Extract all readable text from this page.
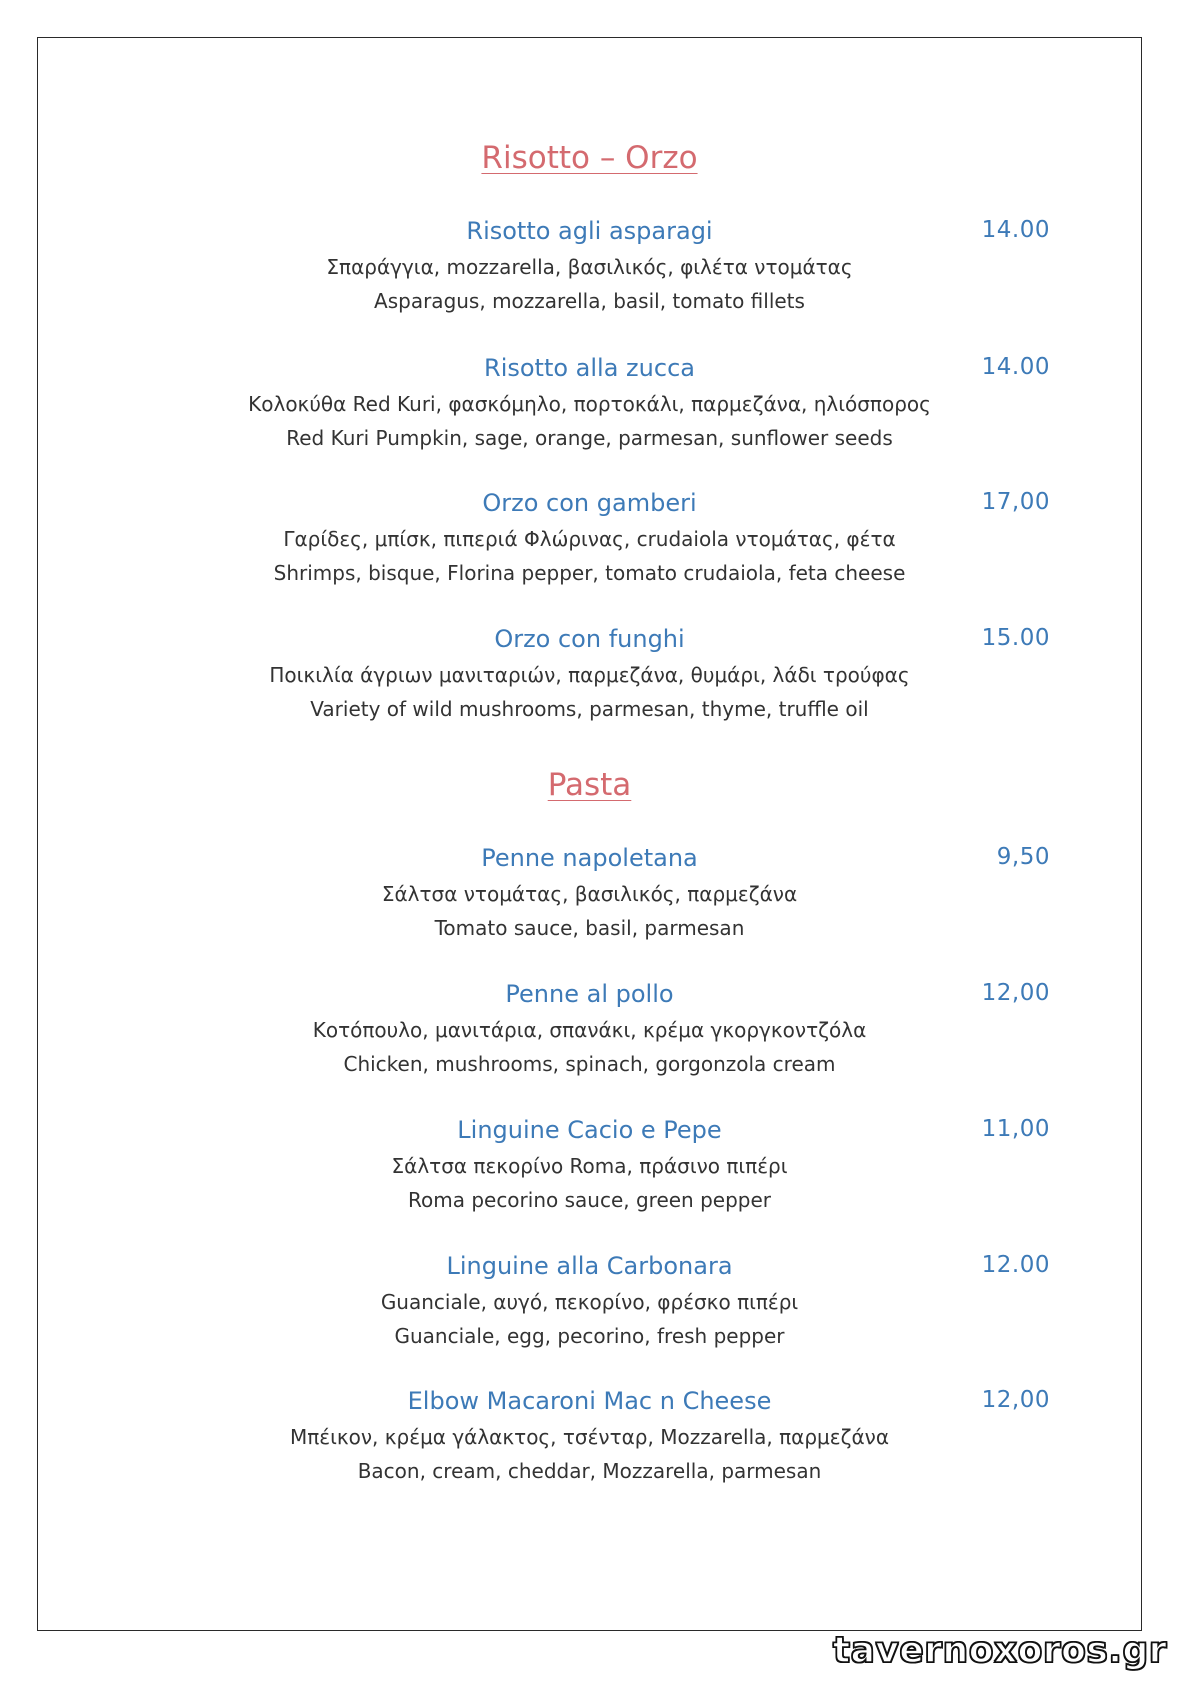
Risotto – Orzo
Risotto agli asparagi	14.00
Σπαράγγια, mozzarella, βασιλικός, φιλέτα ντομάτας
Asparagus, mozzarella, basil, tomato fillets
Risotto alla zucca	14.00
Κολοκύθα Red Kuri, φασκόμηλο, πορτοκάλι, παρμεζάνα, ηλιόσπορος
Red Kuri Pumpkin, sage, orange, parmesan, sunflower seeds
Orzo con gamberi	17,00
Γαρίδες, μπίσκ, πιπεριά Φλώρινας, crudaiola ντομάτας, φέτα
Shrimps, bisque, Florina pepper, tomato crudaiola, feta cheese
Orzo con funghi	15.00
Ποικιλία άγριων μανιταριών, παρμεζάνα, θυμάρι, λάδι τρούφας
Variety of wild mushrooms, parmesan, thyme, truffle oil
Pasta
Penne napoletana	9,50
Σάλτσα ντομάτας, βασιλικός, παρμεζάνα
Tomato sauce, basil, parmesan
Penne al pollo	12,00
Κοτόπουλο, μανιτάρια, σπανάκι, κρέμα γκοργκοντζόλα
Chicken, mushrooms, spinach, gorgonzola cream
Linguine Cacio e Pepe	11,00
Σάλτσα πεκορίνο Roma, πράσινο πιπέρι
Roma pecorino sauce, green pepper
Linguine alla Carbonara	12.00
Guanciale, αυγό, πεκορίνο, φρέσκο πιπέρι
Guanciale, egg, pecorino, fresh pepper
Elbow Macaroni Mac n Cheese	12,00
Μπέικον, κρέμα γάλακτος, τσένταρ, Mozzarella, παρμεζάνα
Bacon, cream, cheddar, Mozzarella, parmesan
tavernoxoros.gr
